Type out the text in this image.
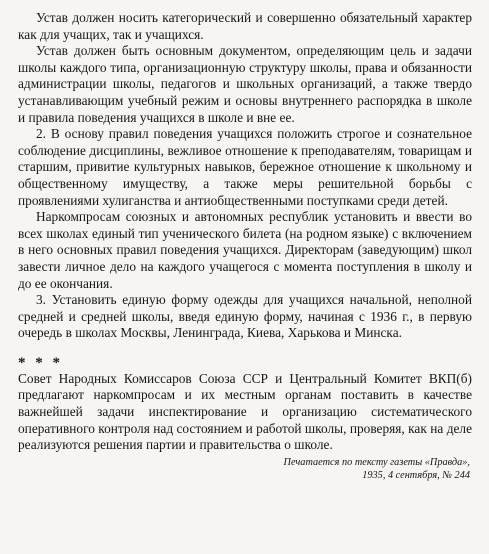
Устав должен носить категорический и совершенно обязательный характер как для учащих, так и учащихся.

Устав должен быть основным документом, определяющим цель и задачи школы каждого типа, организационную структуру школы, права и обязанности администрации школы, педагогов и школьных организаций, а также твердо устанавливающим учебный режим и основы внутреннего распорядка в школе и правила поведения учащихся в школе и вне ее.

2. В основу правил поведения учащихся положить строгое и сознательное соблюдение дисциплины, вежливое отношение к преподавателям, товарищам и старшим, привитие культурных навыков, бережное отношение к школьному и общественному имуществу, а также меры решительной борьбы с проявлениями хулиганства и антиобщественными поступками среди детей.

Наркомпросам союзных и автономных республик установить и ввести во всех школах единый тип ученического билета (на родном языке) с включением в него основных правил поведения учащихся. Директорам (заведующим) школ завести личное дело на каждого учащегося с момента поступления в школу и до ее окончания.

3. Установить единую форму одежды для учащихся начальной, неполной средней и средней школы, введя единую форму, начиная с 1936 г., в первую очередь в школах Москвы, Ленинграда, Киева, Харькова и Минска.

* * *

Совет Народных Комиссаров Союза ССР и Центральный Комитет ВКП(б) предлагают наркомпросам и их местным органам поставить в качестве важнейшей задачи инспектирование и организацию систематического оперативного контроля над состоянием и работой школы, проверяя, как на деле реализуются решения партии и правительства о школе.

Печатается по тексту газеты «Правда»,
1935, 4 сентября, № 244
